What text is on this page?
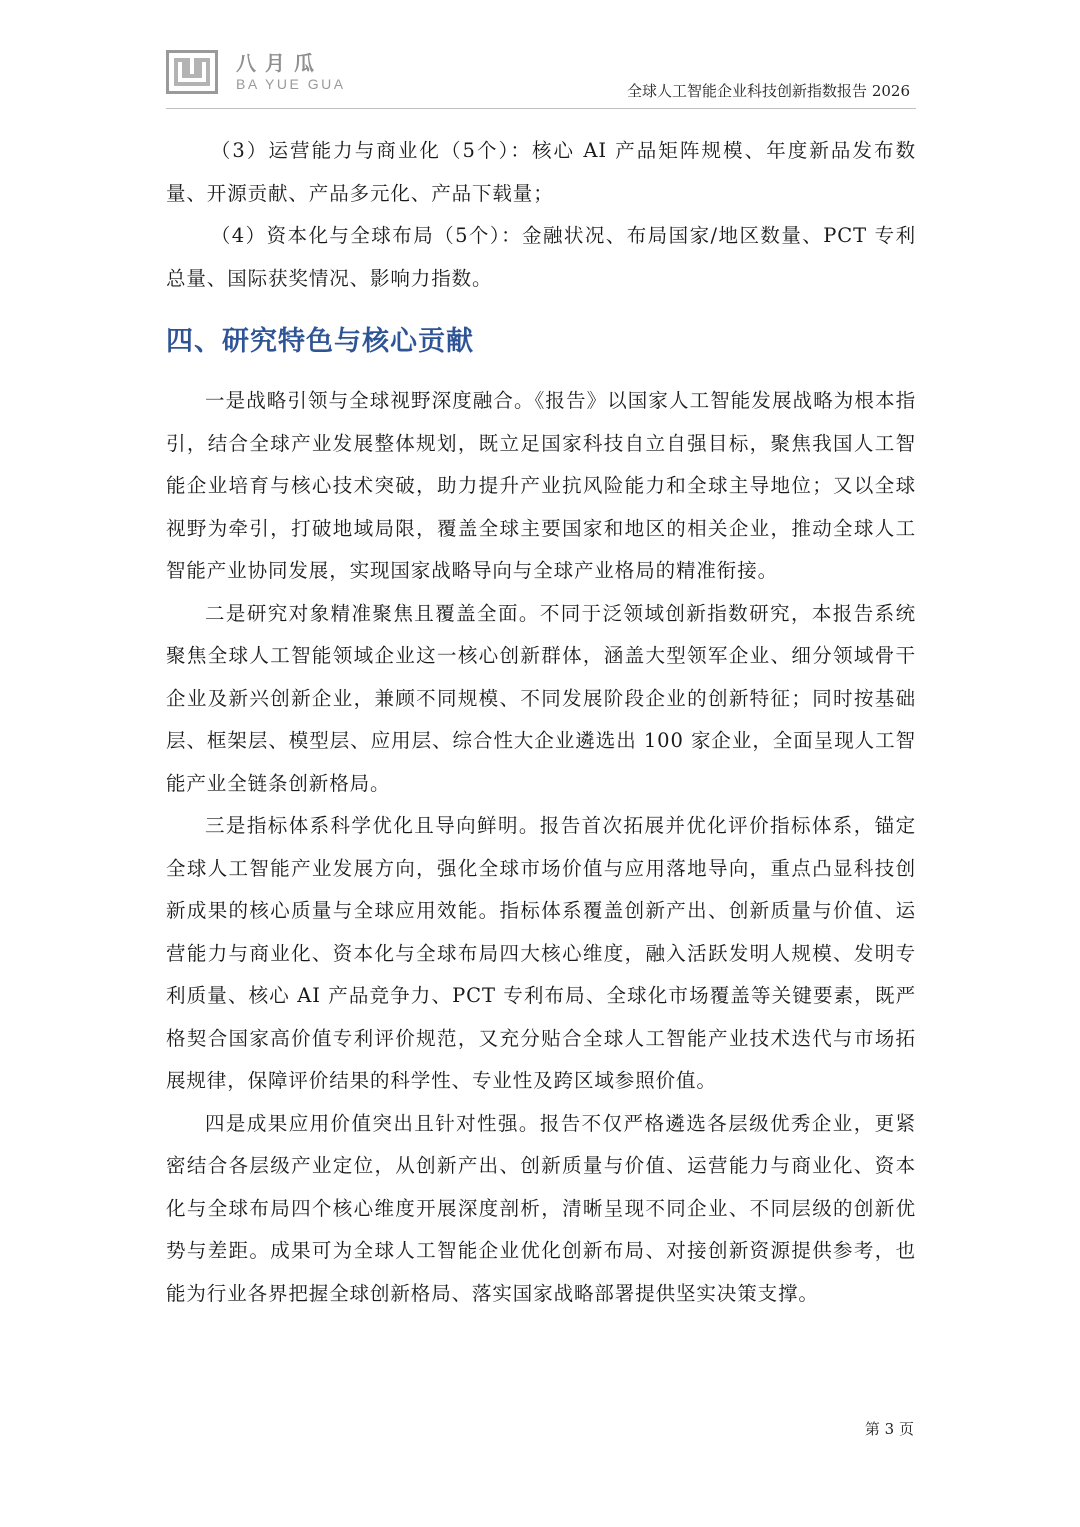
八月瓜
BA YUE GUA	全球人工智能企业科技创新指数报告 2026

（3）运营能力与商业化（5个）：核心 AI 产品矩阵规模、年度新品发布数量、开源贡献、产品多元化、产品下载量；

（4）资本化与全球布局（5个）：金融状况、布局国家/地区数量、PCT 专利总量、国际获奖情况、影响力指数。

四、研究特色与核心贡献

一是战略引领与全球视野深度融合。《报告》以国家人工智能发展战略为根本指引，结合全球产业发展整体规划，既立足国家科技自立自强目标，聚焦我国人工智能企业培育与核心技术突破，助力提升产业抗风险能力和全球主导地位；又以全球视野为牵引，打破地域局限，覆盖全球主要国家和地区的相关企业，推动全球人工智能产业协同发展，实现国家战略导向与全球产业格局的精准衔接。

二是研究对象精准聚焦且覆盖全面。不同于泛领域创新指数研究，本报告系统聚焦全球人工智能领域企业这一核心创新群体，涵盖大型领军企业、细分领域骨干企业及新兴创新企业，兼顾不同规模、不同发展阶段企业的创新特征；同时按基础层、框架层、模型层、应用层、综合性大企业遴选出 100 家企业，全面呈现人工智能产业全链条创新格局。

三是指标体系科学优化且导向鲜明。报告首次拓展并优化评价指标体系，锚定全球人工智能产业发展方向，强化全球市场价值与应用落地导向，重点凸显科技创新成果的核心质量与全球应用效能。指标体系覆盖创新产出、创新质量与价值、运营能力与商业化、资本化与全球布局四大核心维度，融入活跃发明人规模、发明专利质量、核心 AI 产品竞争力、PCT 专利布局、全球化市场覆盖等关键要素，既严格契合国家高价值专利评价规范，又充分贴合全球人工智能产业技术迭代与市场拓展规律，保障评价结果的科学性、专业性及跨区域参照价值。

四是成果应用价值突出且针对性强。报告不仅严格遴选各层级优秀企业，更紧密结合各层级产业定位，从创新产出、创新质量与价值、运营能力与商业化、资本化与全球布局四个核心维度开展深度剖析，清晰呈现不同企业、不同层级的创新优势与差距。成果可为全球人工智能企业优化创新布局、对接创新资源提供参考，也能为行业各界把握全球创新格局、落实国家战略部署提供坚实决策支撑。

第 3 页
